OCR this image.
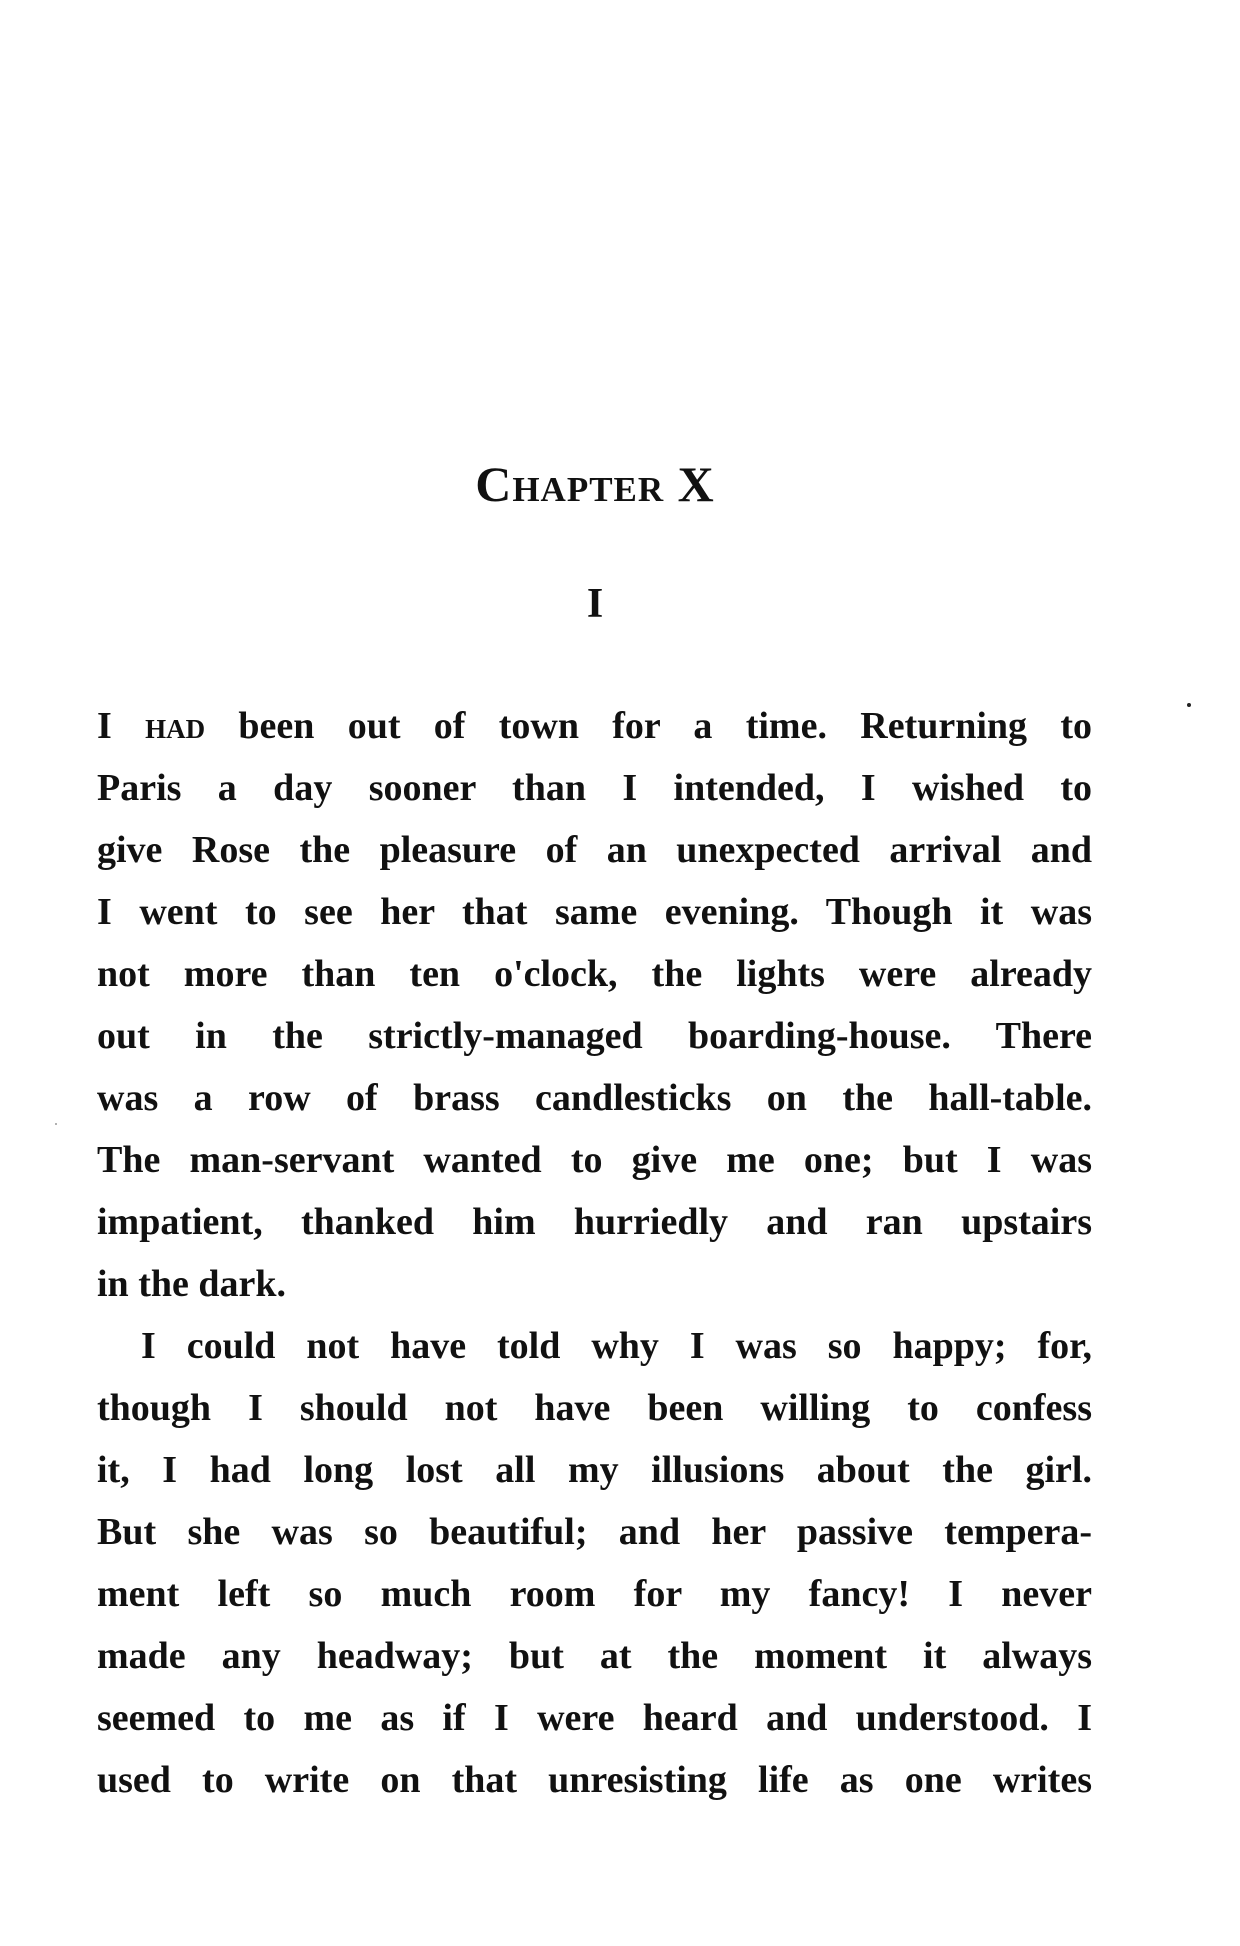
Chapter X
I
I had been out of town for a time. Returning to
Paris a day sooner than I intended, I wished to
give Rose the pleasure of an unexpected arrival and
I went to see her that same evening. Though it was
not more than ten o'clock, the lights were already
out in the strictly-managed boarding-house. There
was a row of brass candlesticks on the hall-table.
The man-servant wanted to give me one; but I was
impatient, thanked him hurriedly and ran upstairs
in the dark.
I could not have told why I was so happy; for,
though I should not have been willing to confess
it, I had long lost all my illusions about the girl.
But she was so beautiful; and her passive tempera-
ment left so much room for my fancy! I never
made any headway; but at the moment it always
seemed to me as if I were heard and understood. I
used to write on that unresisting life as one writes
